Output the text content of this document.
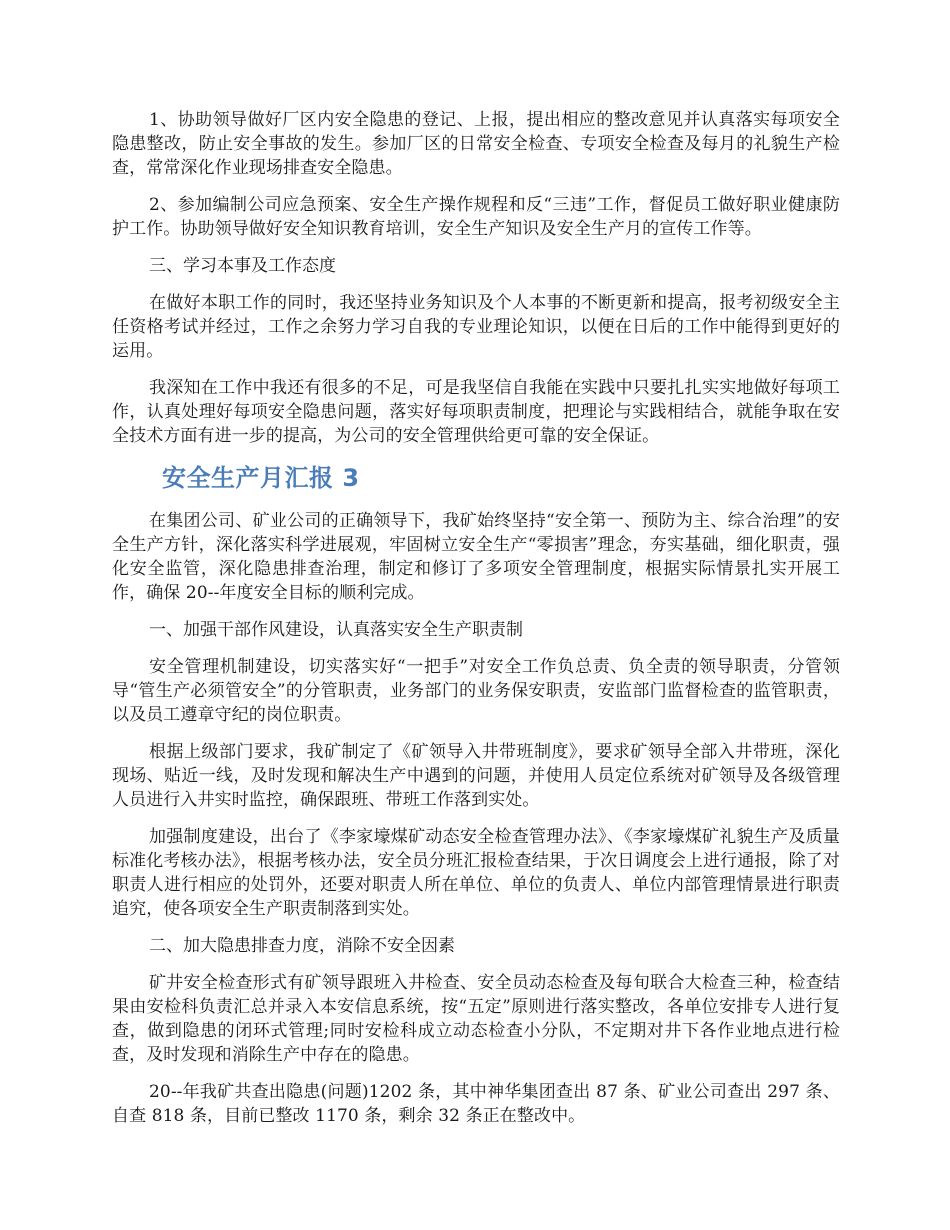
1、协助领导做好厂区内安全隐患的登记、上报，提出相应的整改意见并认真落实每项安全隐患整改，防止安全事故的发生。参加厂区的日常安全检查、专项安全检查及每月的礼貌生产检查，常常深化作业现场排查安全隐患。

2、参加编制公司应急预案、安全生产操作规程和反“三违”工作，督促员工做好职业健康防护工作。协助领导做好安全知识教育培训，安全生产知识及安全生产月的宣传工作等。

三、学习本事及工作态度

在做好本职工作的同时，我还坚持业务知识及个人本事的不断更新和提高，报考初级安全主任资格考试并经过，工作之余努力学习自我的专业理论知识，以便在日后的工作中能得到更好的运用。

我深知在工作中我还有很多的不足，可是我坚信自我能在实践中只要扎扎实实地做好每项工作，认真处理好每项安全隐患问题，落实好每项职责制度，把理论与实践相结合，就能争取在安全技术方面有进一步的提高，为公司的安全管理供给更可靠的安全保证。

安全生产月汇报 3

在集团公司、矿业公司的正确领导下，我矿始终坚持“安全第一、预防为主、综合治理”的安全生产方针，深化落实科学进展观，牢固树立安全生产“零损害”理念，夯实基础，细化职责，强化安全监管，深化隐患排查治理，制定和修订了多项安全管理制度，根据实际情景扎实开展工作，确保 20--年度安全目标的顺利完成。

一、加强干部作风建设，认真落实安全生产职责制

安全管理机制建设，切实落实好“一把手”对安全工作负总责、负全责的领导职责，分管领导“管生产必须管安全”的分管职责，业务部门的业务保安职责，安监部门监督检查的监管职责，以及员工遵章守纪的岗位职责。

根据上级部门要求，我矿制定了《矿领导入井带班制度》，要求矿领导全部入井带班，深化现场、贴近一线，及时发现和解决生产中遇到的问题，并使用人员定位系统对矿领导及各级管理人员进行入井实时监控，确保跟班、带班工作落到实处。

加强制度建设，出台了《李家壕煤矿动态安全检查管理办法》、《李家壕煤矿礼貌生产及质量标准化考核办法》，根据考核办法，安全员分班汇报检查结果，于次日调度会上进行通报，除了对职责人进行相应的处罚外，还要对职责人所在单位、单位的负责人、单位内部管理情景进行职责追究，使各项安全生产职责制落到实处。

二、加大隐患排查力度，消除不安全因素

矿井安全检查形式有矿领导跟班入井检查、安全员动态检查及每旬联合大检查三种，检查结果由安检科负责汇总并录入本安信息系统，按“五定”原则进行落实整改，各单位安排专人进行复查，做到隐患的闭环式管理;同时安检科成立动态检查小分队，不定期对井下各作业地点进行检查，及时发现和消除生产中存在的隐患。

20--年我矿共查出隐患(问题)1202 条，其中神华集团查出 87 条、矿业公司查出 297 条、自查 818 条，目前已整改 1170 条，剩余 32 条正在整改中。
